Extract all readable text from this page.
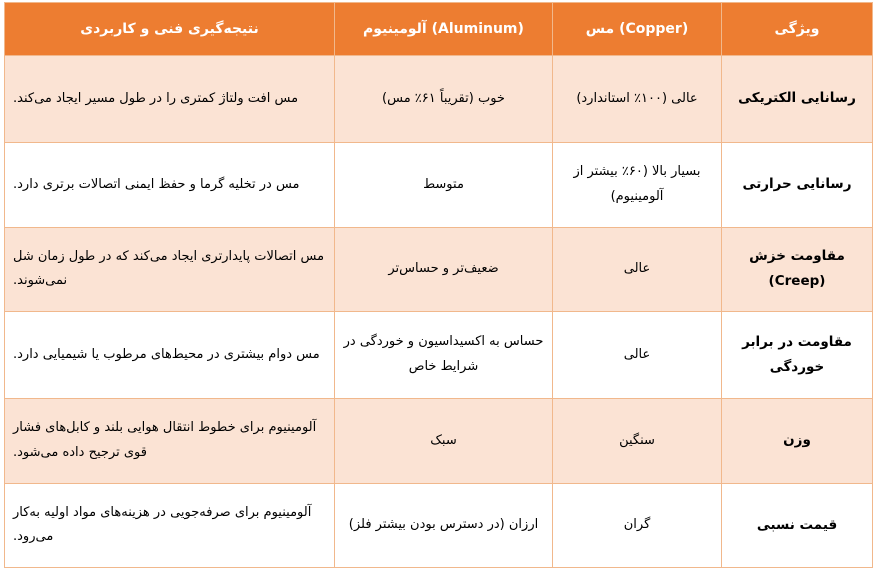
نتیجه‌گیری فنی و کاربردی	(Aluminum) آلومینیوم	(Copper) مس	ویژگی
مس افت ولتاژ کمتری را در طول مسیر ایجاد می‌کند.	خوب (تقریباً ۶۱٪ مس)	عالی (۱۰۰٪ استاندارد)	رسانایی الکتریکی
مس در تخلیه گرما و حفظ ایمنی اتصالات برتری دارد.	متوسط	بسیار بالا (۶۰٪ بیشتر از آلومینیوم)	رسانایی حرارتی
مس اتصالات پایدارتری ایجاد می‌کند که در طول زمان شل نمی‌شوند.	ضعیف‌تر و حساس‌تر	عالی	مقاومت خزش (Creep)
مس دوام بیشتری در محیط‌های مرطوب یا شیمیایی دارد.	حساس به اکسیداسیون و خوردگی در شرایط خاص	عالی	مقاومت در برابر خوردگی
آلومینیوم برای خطوط انتقال هوایی بلند و کابل‌های فشار قوی ترجیح داده می‌شود.	سبک	سنگین	وزن
آلومینیوم برای صرفه‌جویی در هزینه‌های مواد اولیه به‌کار می‌رود.	ارزان (در دسترس بودن بیشتر فلز)	گران	قیمت نسبی
